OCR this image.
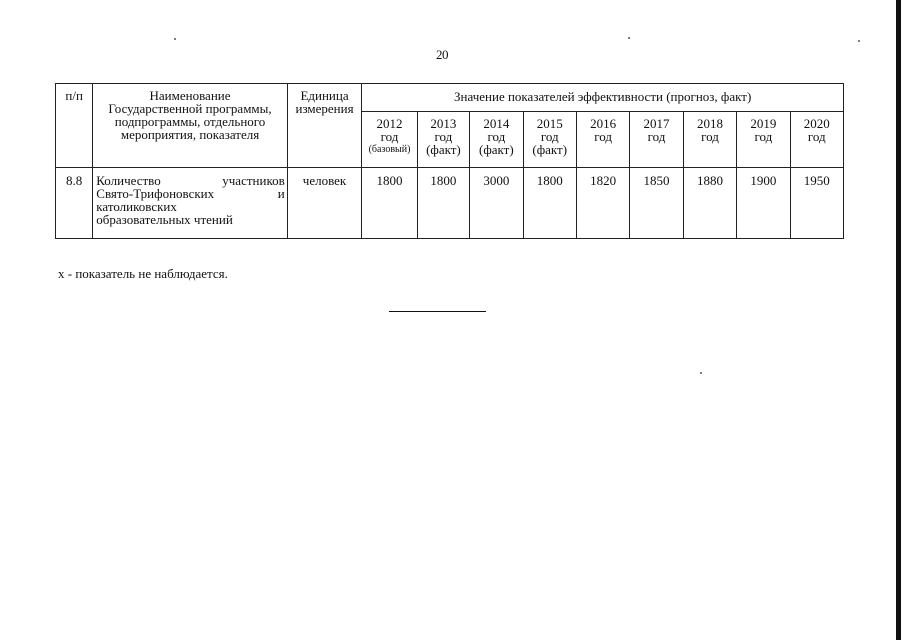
20
п/п	Наименование
Государственной программы,
подпрограммы, отдельного
мероприятия, показателя	Единица
измерения	Значение показателей эффективности (прогноз, факт)								

			2012
год
(базовый)	2013
год
(факт)	2014
год
(факт)	2015
год
(факт)	2016
год	2017
год	2018
год	2019
год	2020
год

8.8	Количество участников
Свято-Трифоновских и
католиковских
образовательных чтений	человек	1800	1800	3000	1800	1820	1850	1880	1900	1950
х - показатель не наблюдается.
